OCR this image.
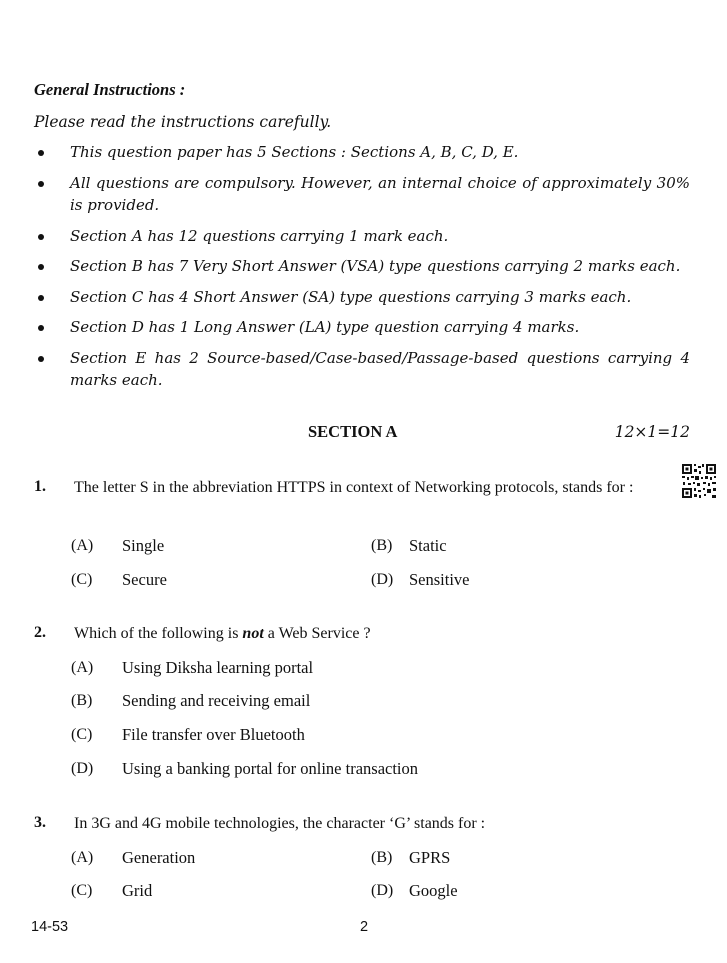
General Instructions :
Please read the instructions carefully.
This question paper has 5 Sections : Sections A, B, C, D, E.
All questions are compulsory. However, an internal choice of approximately 30% is provided.
Section A has 12 questions carrying 1 mark each.
Section B has 7 Very Short Answer (VSA) type questions carrying 2 marks each.
Section C has 4 Short Answer (SA) type questions carrying 3 marks each.
Section D has 1 Long Answer (LA) type question carrying 4 marks.
Section E has 2 Source-based/Case-based/Passage-based questions carrying 4 marks each.
SECTION A	12×1=12
1. The letter S in the abbreviation HTTPS in context of Networking protocols, stands for :
(A) Single	(B) Static
(C) Secure	(D) Sensitive
2. Which of the following is not a Web Service ?
(A) Using Diksha learning portal
(B) Sending and receiving email
(C) File transfer over Bluetooth
(D) Using a banking portal for online transaction
3. In 3G and 4G mobile technologies, the character ‘G’ stands for :
(A) Generation	(B) GPRS
(C) Grid	(D) Google
14-53	2
